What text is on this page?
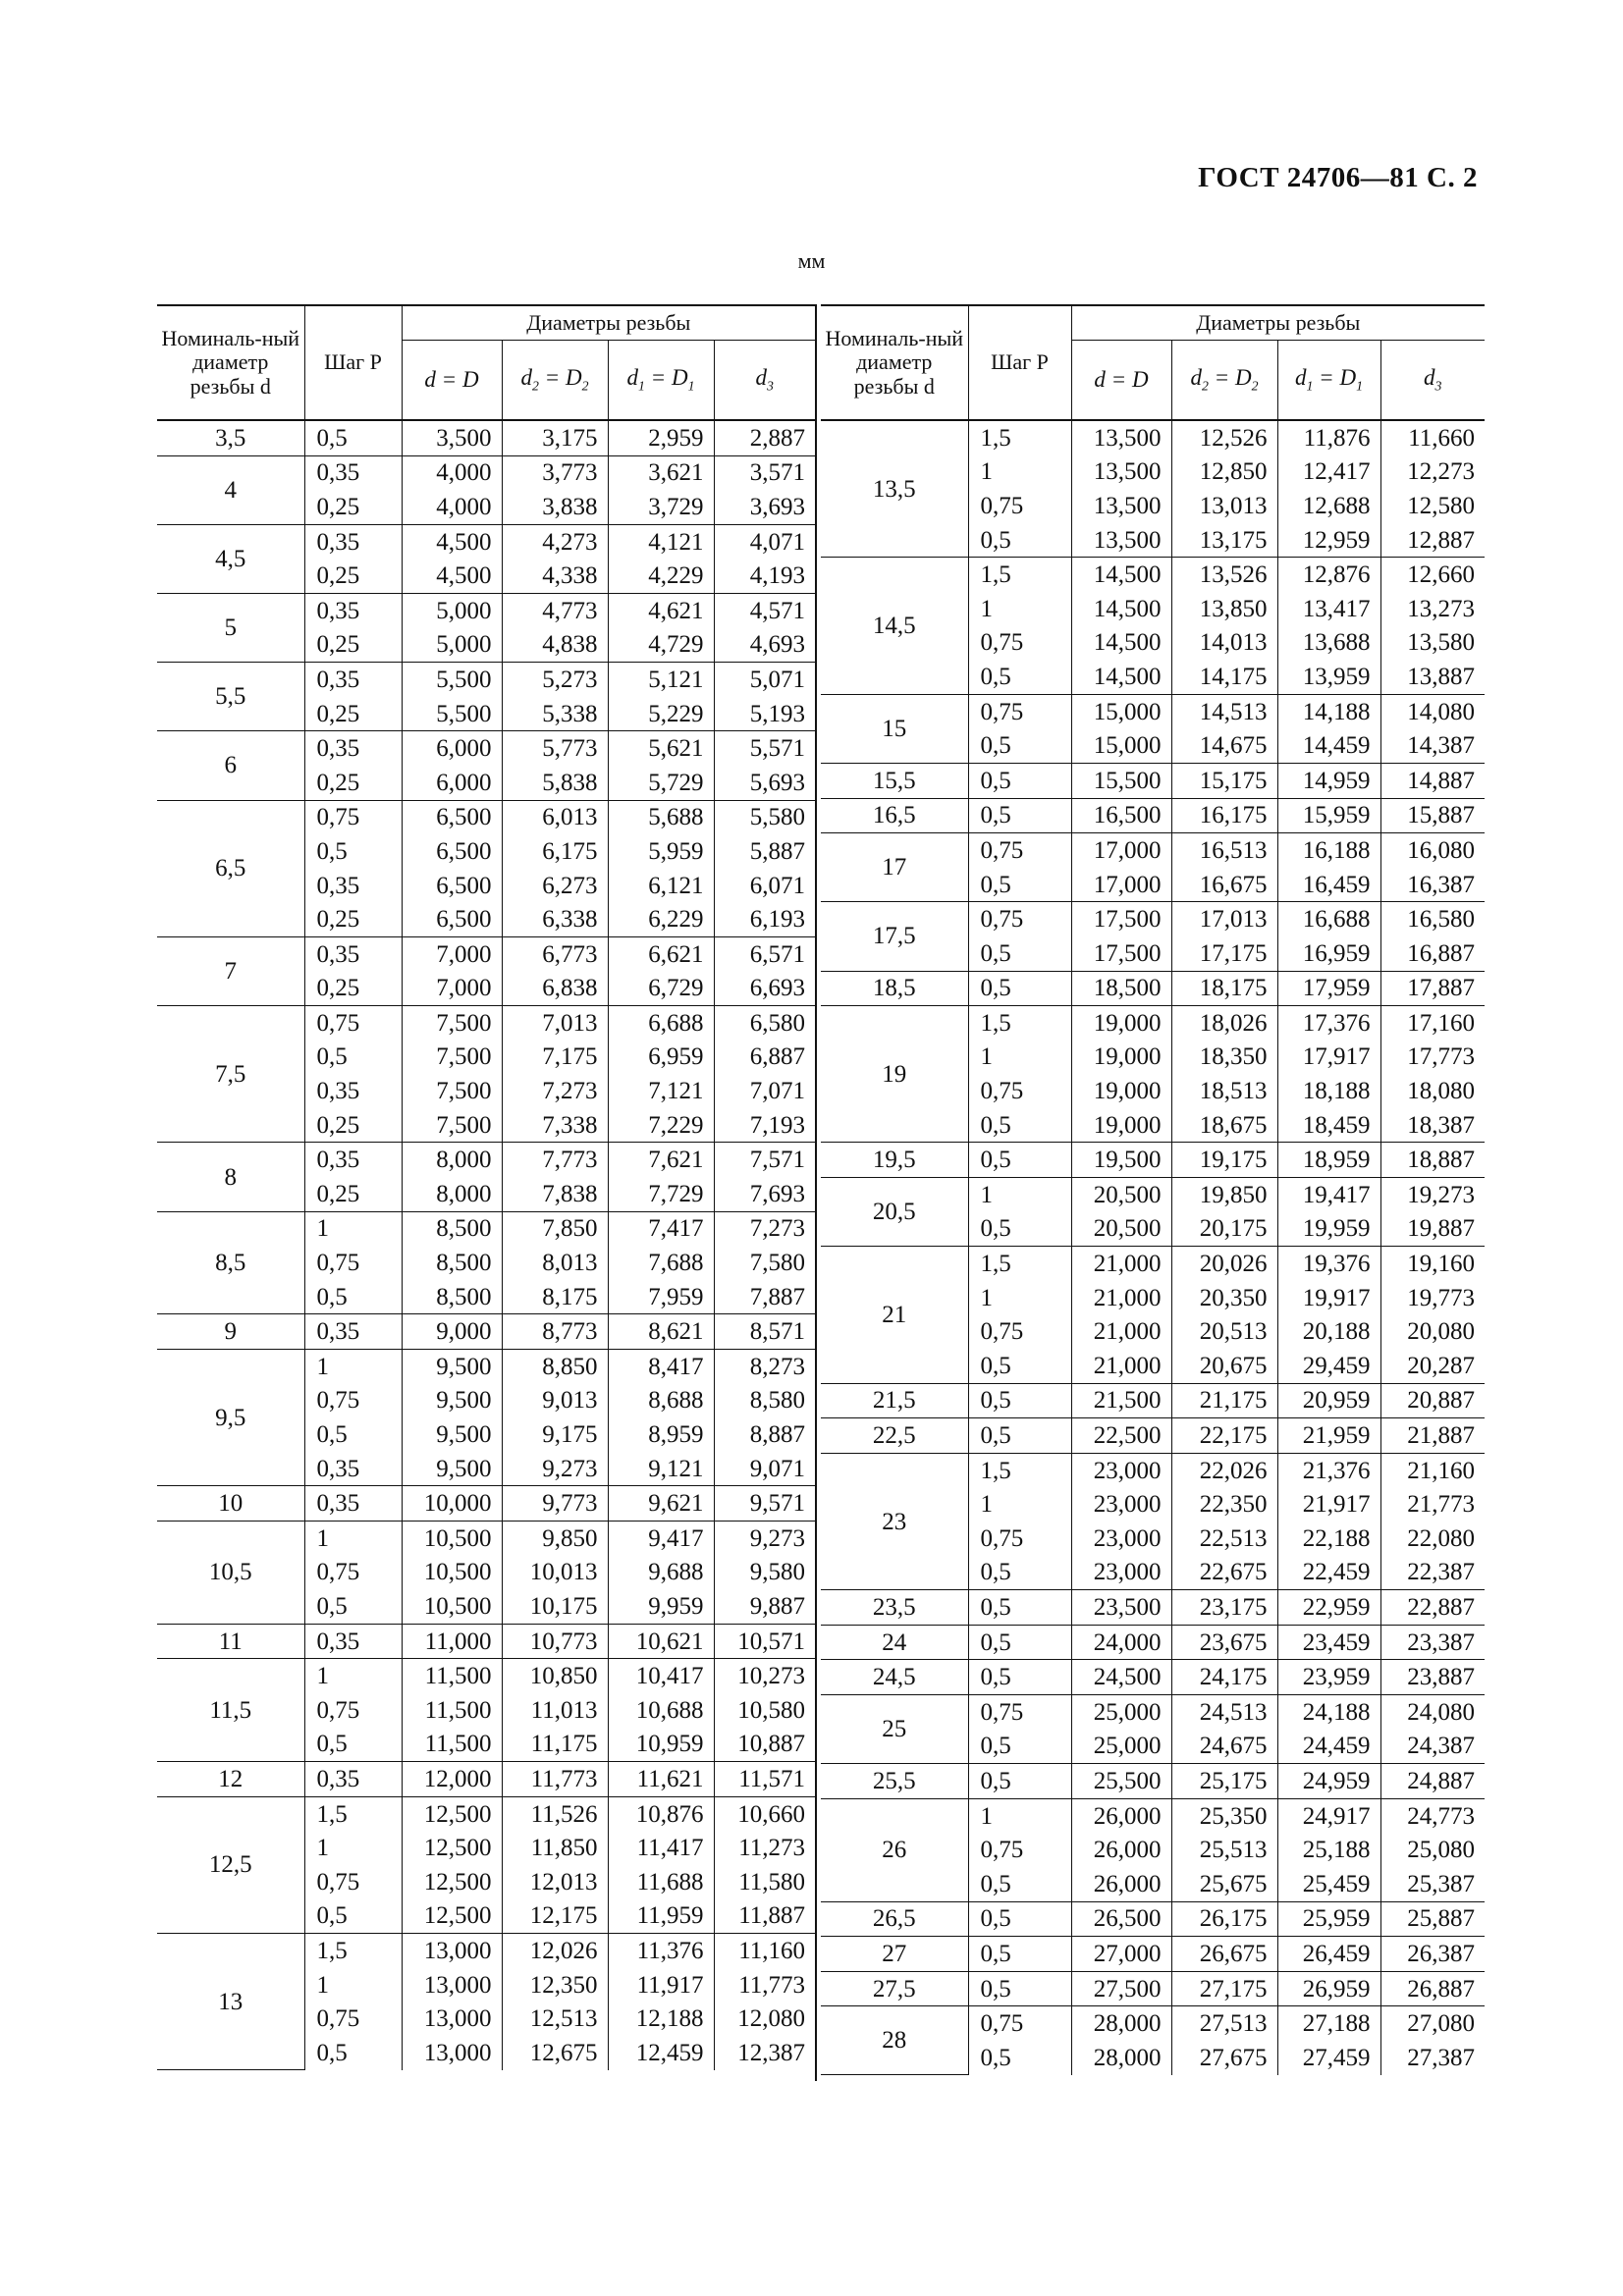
ГОСТ 24706—81 С. 2
мм
Номиналь-ный диаметр резьбы d	Шаг P	Диаметры резьбы			
		d = D	$d_2 = D_2$	$d_1 = D_1$	$d_3$
3,5	0,5	3,500	3,175	2,959	2,887
4	0,35	4,000	3,773	3,621	3,571
	0,25	4,000	3,838	3,729	3,693
4,5	0,35	4,500	4,273	4,121	4,071
	0,25	4,500	4,338	4,229	4,193
5	0,35	5,000	4,773	4,621	4,571
	0,25	5,000	4,838	4,729	4,693
5,5	0,35	5,500	5,273	5,121	5,071
	0,25	5,500	5,338	5,229	5,193
6	0,35	6,000	5,773	5,621	5,571
	0,25	6,000	5,838	5,729	5,693
6,5	0,75	6,500	6,013	5,688	5,580
	0,5	6,500	6,175	5,959	5,887
	0,35	6,500	6,273	6,121	6,071
	0,25	6,500	6,338	6,229	6,193
7	0,35	7,000	6,773	6,621	6,571
	0,25	7,000	6,838	6,729	6,693
7,5	0,75	7,500	7,013	6,688	6,580
	0,5	7,500	7,175	6,959	6,887
	0,35	7,500	7,273	7,121	7,071
	0,25	7,500	7,338	7,229	7,193
8	0,35	8,000	7,773	7,621	7,571
	0,25	8,000	7,838	7,729	7,693
8,5	1	8,500	7,850	7,417	7,273
	0,75	8,500	8,013	7,688	7,580
	0,5	8,500	8,175	7,959	7,887
9	0,35	9,000	8,773	8,621	8,571
9,5	1	9,500	8,850	8,417	8,273
	0,75	9,500	9,013	8,688	8,580
	0,5	9,500	9,175	8,959	8,887
	0,35	9,500	9,273	9,121	9,071
10	0,35	10,000	9,773	9,621	9,571
10,5	1	10,500	9,850	9,417	9,273
	0,75	10,500	10,013	9,688	9,580
	0,5	10,500	10,175	9,959	9,887
11	0,35	11,000	10,773	10,621	10,571
11,5	1	11,500	10,850	10,417	10,273
	0,75	11,500	11,013	10,688	10,580
	0,5	11,500	11,175	10,959	10,887
12	0,35	12,000	11,773	11,621	11,571
12,5	1,5	12,500	11,526	10,876	10,660
	1	12,500	11,850	11,417	11,273
	0,75	12,500	12,013	11,688	11,580
	0,5	12,500	12,175	11,959	11,887
13	1,5	13,000	12,026	11,376	11,160
	1	13,000	12,350	11,917	11,773
	0,75	13,000	12,513	12,188	12,080
	0,5	13,000	12,675	12,459	12,387
Номиналь-ный диаметр резьбы d	Шаг P	Диаметры резьбы			
		d = D	$d_2 = D_2$	$d_1 = D_1$	$d_3$
13,5	1,5	13,500	12,526	11,876	11,660
	1	13,500	12,850	12,417	12,273
	0,75	13,500	13,013	12,688	12,580
	0,5	13,500	13,175	12,959	12,887
14,5	1,5	14,500	13,526	12,876	12,660
	1	14,500	13,850	13,417	13,273
	0,75	14,500	14,013	13,688	13,580
	0,5	14,500	14,175	13,959	13,887
15	0,75	15,000	14,513	14,188	14,080
	0,5	15,000	14,675	14,459	14,387
15,5	0,5	15,500	15,175	14,959	14,887
16,5	0,5	16,500	16,175	15,959	15,887
17	0,75	17,000	16,513	16,188	16,080
	0,5	17,000	16,675	16,459	16,387
17,5	0,75	17,500	17,013	16,688	16,580
	0,5	17,500	17,175	16,959	16,887
18,5	0,5	18,500	18,175	17,959	17,887
19	1,5	19,000	18,026	17,376	17,160
	1	19,000	18,350	17,917	17,773
	0,75	19,000	18,513	18,188	18,080
	0,5	19,000	18,675	18,459	18,387
19,5	0,5	19,500	19,175	18,959	18,887
20,5	1	20,500	19,850	19,417	19,273
	0,5	20,500	20,175	19,959	19,887
21	1,5	21,000	20,026	19,376	19,160
	1	21,000	20,350	19,917	19,773
	0,75	21,000	20,513	20,188	20,080
	0,5	21,000	20,675	29,459	20,287
21,5	0,5	21,500	21,175	20,959	20,887
22,5	0,5	22,500	22,175	21,959	21,887
23	1,5	23,000	22,026	21,376	21,160
	1	23,000	22,350	21,917	21,773
	0,75	23,000	22,513	22,188	22,080
	0,5	23,000	22,675	22,459	22,387
23,5	0,5	23,500	23,175	22,959	22,887
24	0,5	24,000	23,675	23,459	23,387
24,5	0,5	24,500	24,175	23,959	23,887
25	0,75	25,000	24,513	24,188	24,080
	0,5	25,000	24,675	24,459	24,387
25,5	0,5	25,500	25,175	24,959	24,887
26	1	26,000	25,350	24,917	24,773
	0,75	26,000	25,513	25,188	25,080
	0,5	26,000	25,675	25,459	25,387
26,5	0,5	26,500	26,175	25,959	25,887
27	0,5	27,000	26,675	26,459	26,387
27,5	0,5	27,500	27,175	26,959	26,887
28	0,75	28,000	27,513	27,188	27,080
	0,5	28,000	27,675	27,459	27,387
